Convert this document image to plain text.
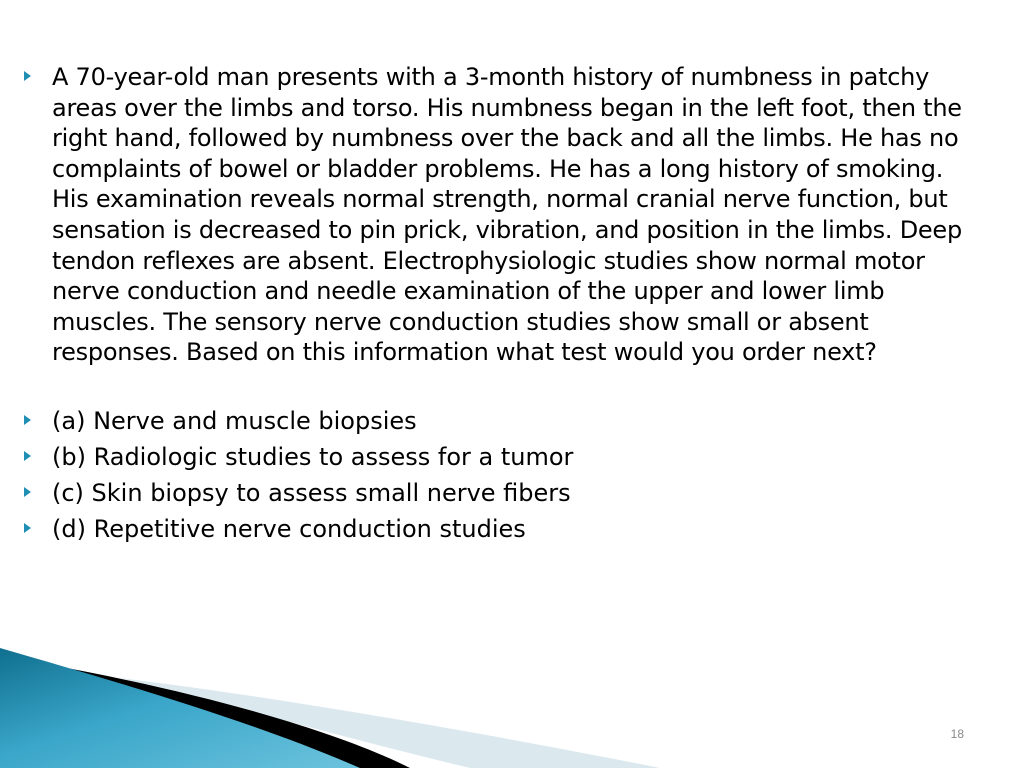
A 70-year-old man presents with a 3-month history of numbness in patchy areas over the limbs and torso. His numbness began in the left foot, then the right hand, followed by numbness over the back and all the limbs. He has no complaints of bowel or bladder problems. He has a long history of smoking. His examination reveals normal strength, normal cranial nerve function, but sensation is decreased to pin prick, vibration, and position in the limbs. Deep tendon reflexes are absent. Electrophysiologic studies show normal motor nerve conduction and needle examination of the upper and lower limb muscles. The sensory nerve conduction studies show small or absent responses. Based on this information what test would you order next?
(a) Nerve and muscle biopsies
(b) Radiologic studies to assess for a tumor
(c) Skin biopsy to assess small nerve fibers
(d) Repetitive nerve conduction studies
18
